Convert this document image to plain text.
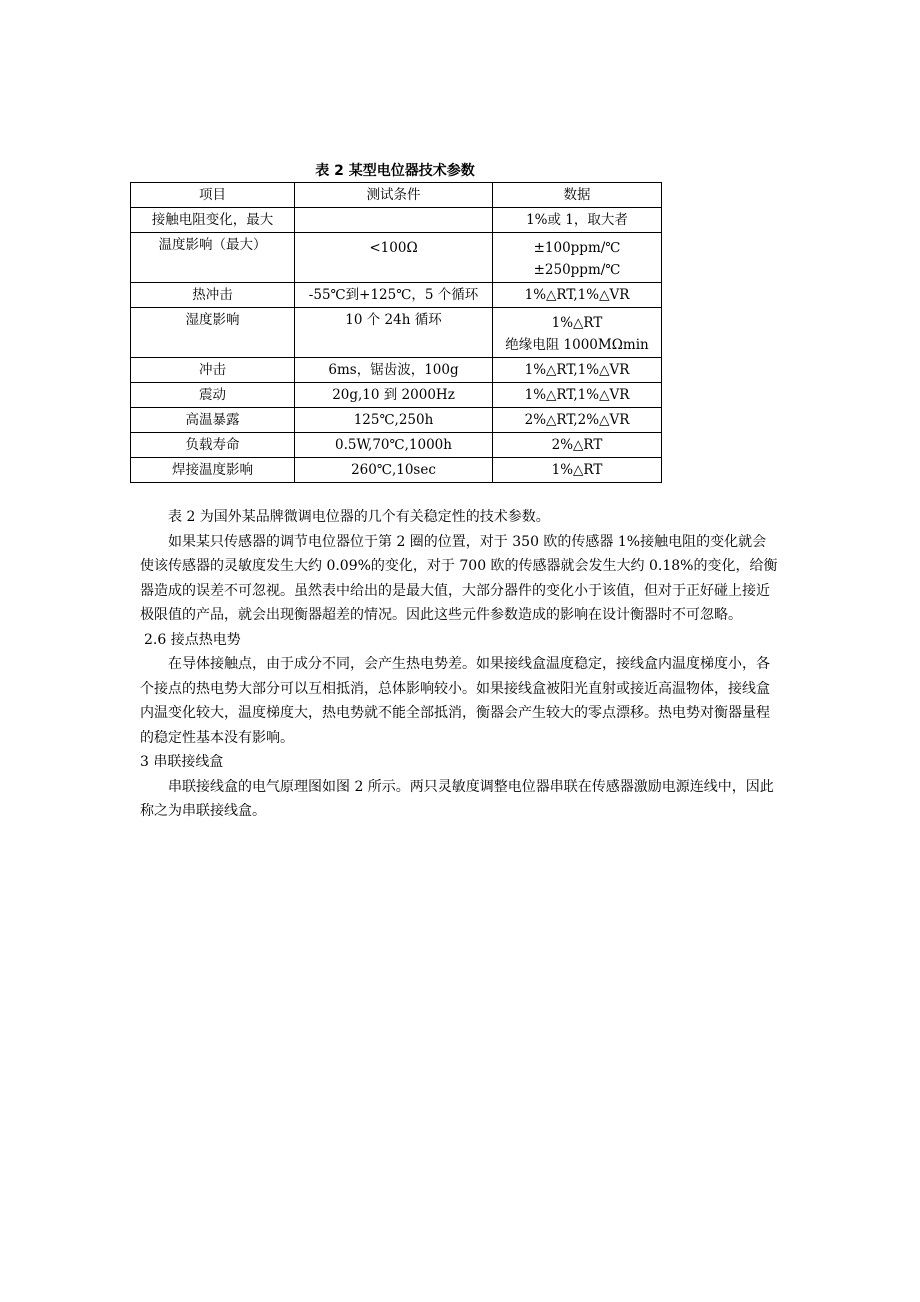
表 2 某型电位器技术参数
项目	测试条件	数据
接触电阻变化，最大		1%或 1，取大者

温度影响（最大）	<100Ω	±100ppm/℃
±250ppm/℃

热冲击	-55℃到+125℃，5 个循环	1%△RT,1%△VR

湿度影响	10 个 24h 循环	1%△RT
绝缘电阻 1000MΩmin

冲击	6ms，锯齿波，100g	1%△RT,1%△VR

震动	20g,10 到 2000Hz	1%△RT,1%△VR

高温暴露	125℃,250h	2%△RT,2%△VR

负载寿命	0.5W,70℃,1000h	2%△RT

焊接温度影响	260℃,10sec	1%△RT

表 2 为国外某品牌微调电位器的几个有关稳定性的技术参数。

如果某只传感器的调节电位器位于第 2 圈的位置，对于 350 欧的传感器 1%接触电阻的变化就会使该传感器的灵敏度发生大约 0.09%的变化，对于 700 欧的传感器就会发生大约 0.18%的变化，给衡器造成的误差不可忽视。虽然表中给出的是最大值，大部分器件的变化小于该值，但对于正好碰上接近极限值的产品，就会出现衡器超差的情况。因此这些元件参数造成的影响在设计衡器时不可忽略。

2.6 接点热电势

在导体接触点，由于成分不同，会产生热电势差。如果接线盒温度稳定，接线盒内温度梯度小，各个接点的热电势大部分可以互相抵消，总体影响较小。如果接线盒被阳光直射或接近高温物体，接线盒内温变化较大，温度梯度大，热电势就不能全部抵消，衡器会产生较大的零点漂移。热电势对衡器量程的稳定性基本没有影响。

3 串联接线盒

串联接线盒的电气原理图如图 2 所示。两只灵敏度调整电位器串联在传感器激励电源连线中，因此称之为串联接线盒。
